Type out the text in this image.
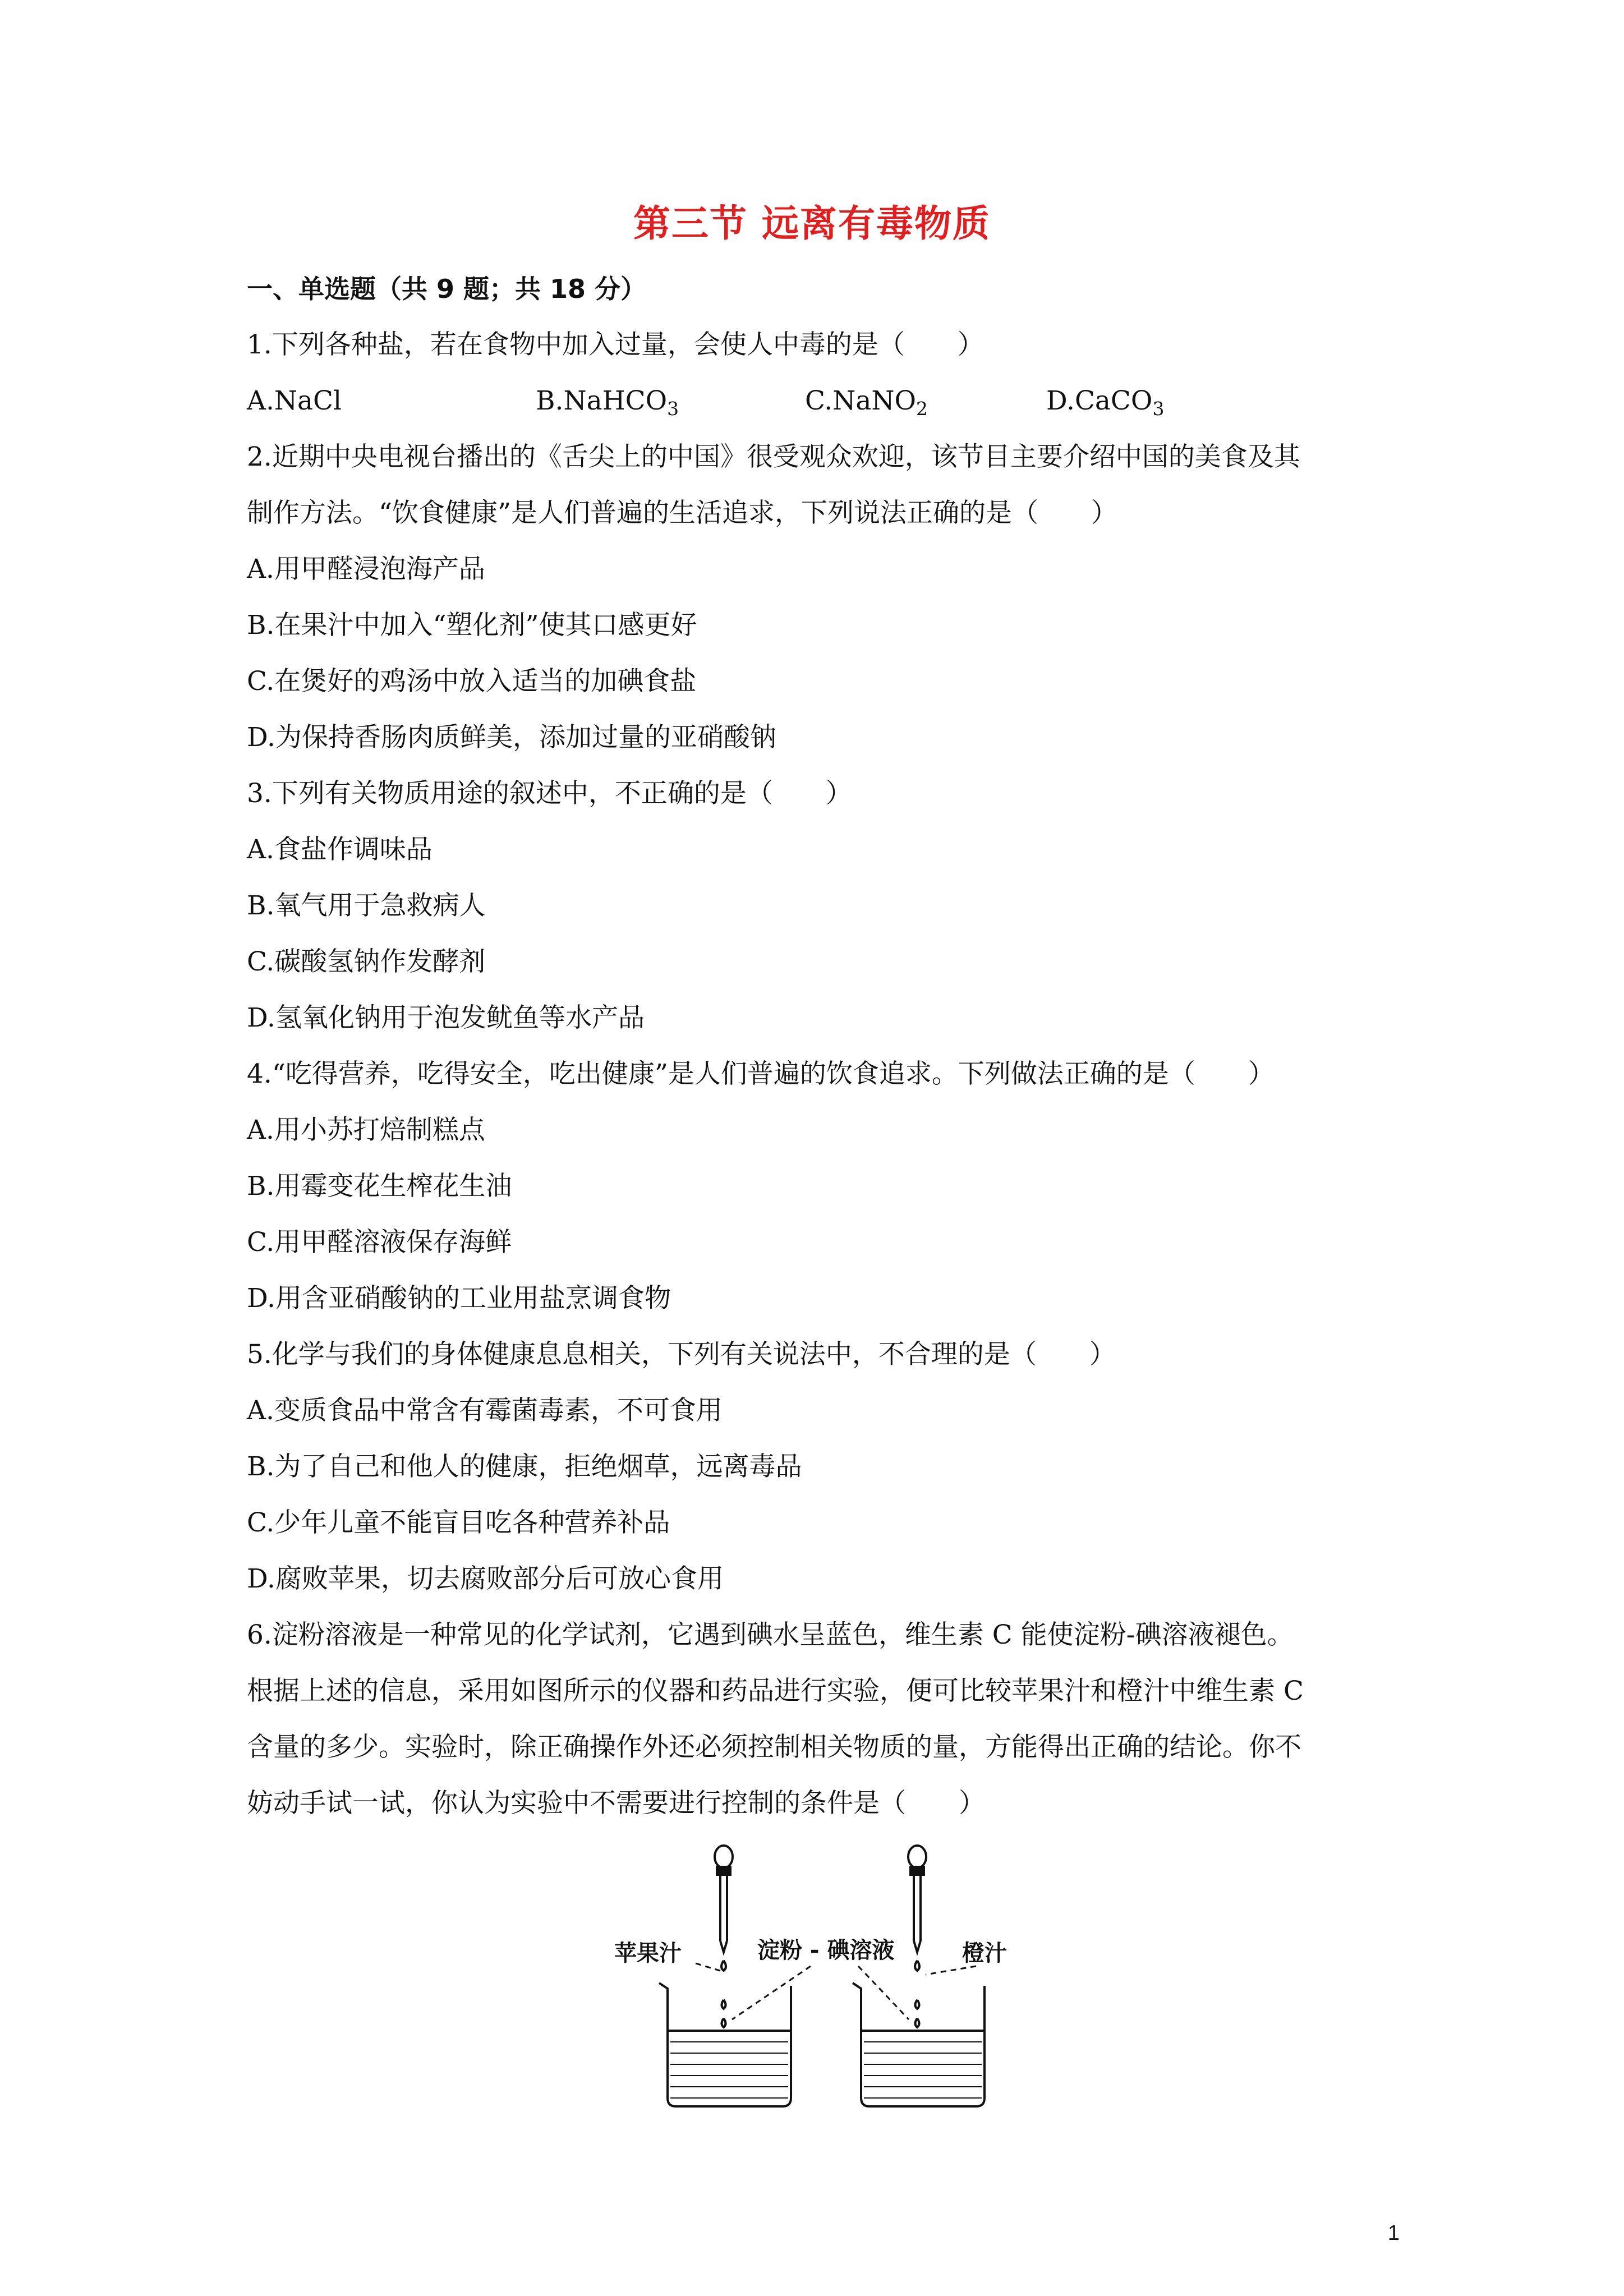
第三节 远离有毒物质
一、单选题（共 9 题；共 18 分）
1.下列各种盐，若在食物中加入过量，会使人中毒的是（　　）
A.NaCl	B.NaHCO$_3$	C.NaNO$_2$	D.CaCO$_3$
2.近期中央电视台播出的《舌尖上的中国》很受观众欢迎，该节目主要介绍中国的美食及其
制作方法。“饮食健康”是人们普遍的生活追求，下列说法正确的是（　　）
A.用甲醛浸泡海产品
B.在果汁中加入“塑化剂”使其口感更好
C.在煲好的鸡汤中放入适当的加碘食盐
D.为保持香肠肉质鲜美，添加过量的亚硝酸钠
3.下列有关物质用途的叙述中，不正确的是（　　）
A.食盐作调味品
B.氧气用于急救病人
C.碳酸氢钠作发酵剂
D.氢氧化钠用于泡发鱿鱼等水产品
4.“吃得营养，吃得安全，吃出健康”是人们普遍的饮食追求。下列做法正确的是（　　）
A.用小苏打焙制糕点
B.用霉变花生榨花生油
C.用甲醛溶液保存海鲜
D.用含亚硝酸钠的工业用盐烹调食物
5.化学与我们的身体健康息息相关，下列有关说法中，不合理的是（　　）
A.变质食品中常含有霉菌毒素，不可食用
B.为了自己和他人的健康，拒绝烟草，远离毒品
C.少年儿童不能盲目吃各种营养补品
D.腐败苹果，切去腐败部分后可放心食用
6.淀粉溶液是一种常见的化学试剂，它遇到碘水呈蓝色，维生素 C 能使淀粉-碘溶液褪色。
根据上述的信息，采用如图所示的仪器和药品进行实验，便可比较苹果汁和橙汁中维生素 C
含量的多少。实验时，除正确操作外还必须控制相关物质的量，方能得出正确的结论。你不
妨动手试一试，你认为实验中不需要进行控制的条件是（　　）
苹果汁	淀粉 - 碘溶液	橙汁
1
